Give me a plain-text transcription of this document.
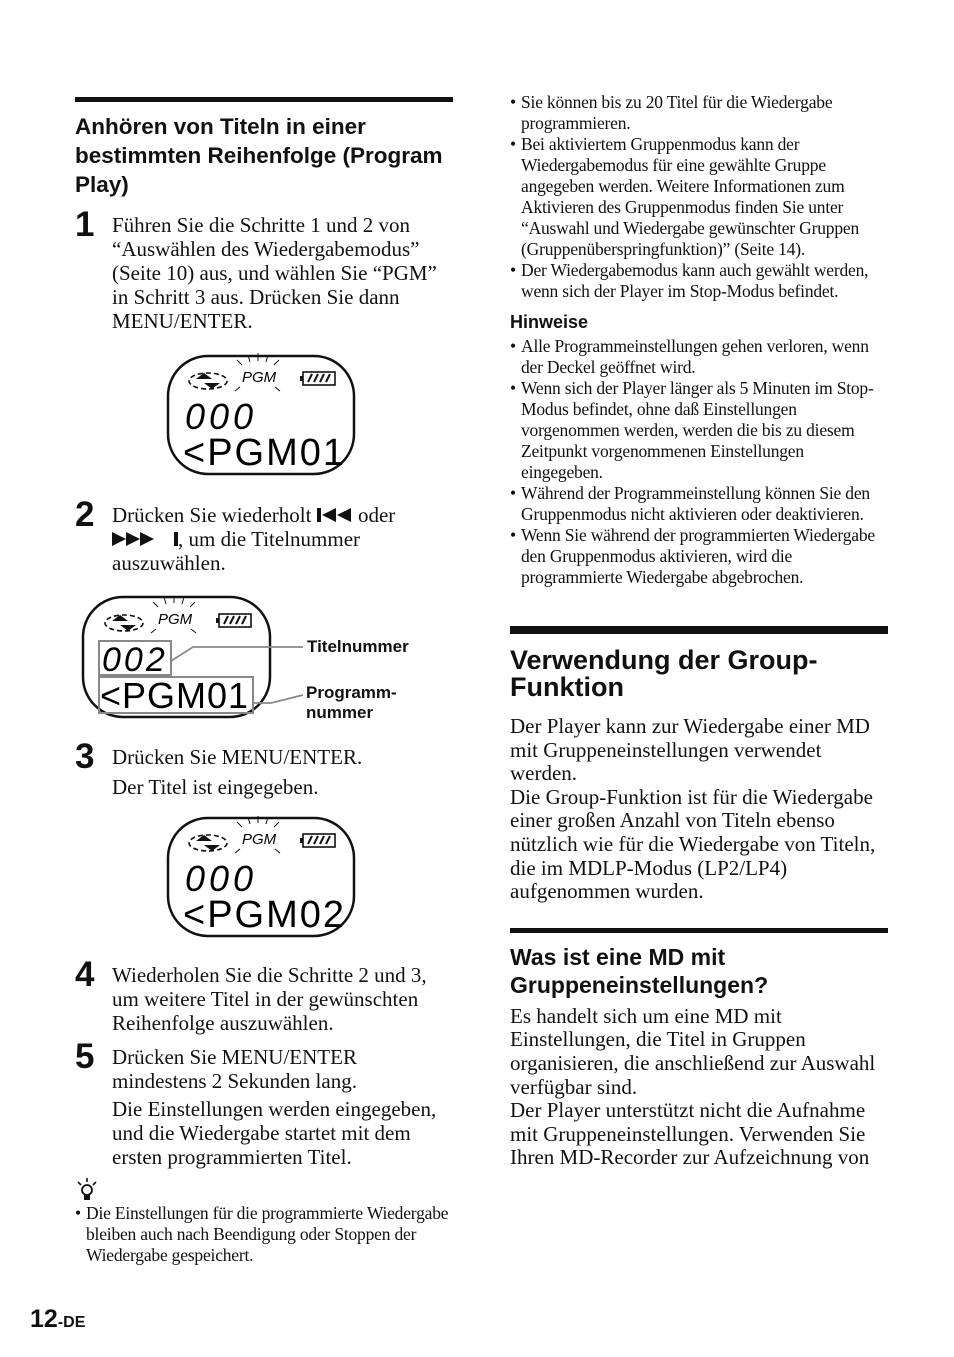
Anhören von Titeln in einer bestimmten Reihenfolge (Program Play)
1 Führen Sie die Schritte 1 und 2 von “Auswählen des Wiedergabemodus” (Seite 10) aus, und wählen Sie “PGM” in Schritt 3 aus. Drücken Sie dann MENU/ENTER.

PGM
000
<PGM01
2 Drücken Sie wiederholt  oder
, um die Titelnummer auszuwählen.

PGM
002
<PGM01
Titelnummer
Programm-
nummer
3 Drücken Sie MENU/ENTER.

Der Titel ist eingegeben.

PGM
000
<PGM02
4 Wiederholen Sie die Schritte 2 und 3, um weitere Titel in der gewünschten Reihenfolge auszuwählen.

5 Drücken Sie MENU/ENTER mindestens 2 Sekunden lang.

Die Einstellungen werden eingegeben, und die Wiedergabe startet mit dem ersten programmierten Titel.

• Die Einstellungen für die programmierte Wiedergabe bleiben auch nach Beendigung oder Stoppen der Wiedergabe gespeichert.
• Sie können bis zu 20 Titel für die Wiedergabe programmieren.
• Bei aktiviertem Gruppenmodus kann der Wiedergabemodus für eine gewählte Gruppe angegeben werden. Weitere Informationen zum Aktivieren des Gruppenmodus finden Sie unter “Auswahl und Wiedergabe gewünschter Gruppen (Gruppenüberspringfunktion)” (Seite 14).
• Der Wiedergabemodus kann auch gewählt werden, wenn sich der Player im Stop-Modus befindet.
Hinweise
• Alle Programmeinstellungen gehen verloren, wenn der Deckel geöffnet wird.
• Wenn sich der Player länger als 5 Minuten im Stop-Modus befindet, ohne daß Einstellungen vorgenommen werden, werden die bis zu diesem Zeitpunkt vorgenommenen Einstellungen eingegeben.
• Während der Programmeinstellung können Sie den Gruppenmodus nicht aktivieren oder deaktivieren.
• Wenn Sie während der programmierten Wiedergabe den Gruppenmodus aktivieren, wird die programmierte Wiedergabe abgebrochen.
Verwendung der Group-Funktion

Der Player kann zur Wiedergabe einer MD mit Gruppeneinstellungen verwendet werden.

Die Group-Funktion ist für die Wiedergabe einer großen Anzahl von Titeln ebenso nützlich wie für die Wiedergabe von Titeln, die im MDLP-Modus (LP2/LP4) aufgenommen wurden.

Was ist eine MD mit Gruppeneinstellungen?

Es handelt sich um eine MD mit Einstellungen, die Titel in Gruppen organisieren, die anschließend zur Auswahl verfügbar sind.

Der Player unterstützt nicht die Aufnahme mit Gruppeneinstellungen. Verwenden Sie Ihren MD-Recorder zur Aufzeichnung von

12-DE
